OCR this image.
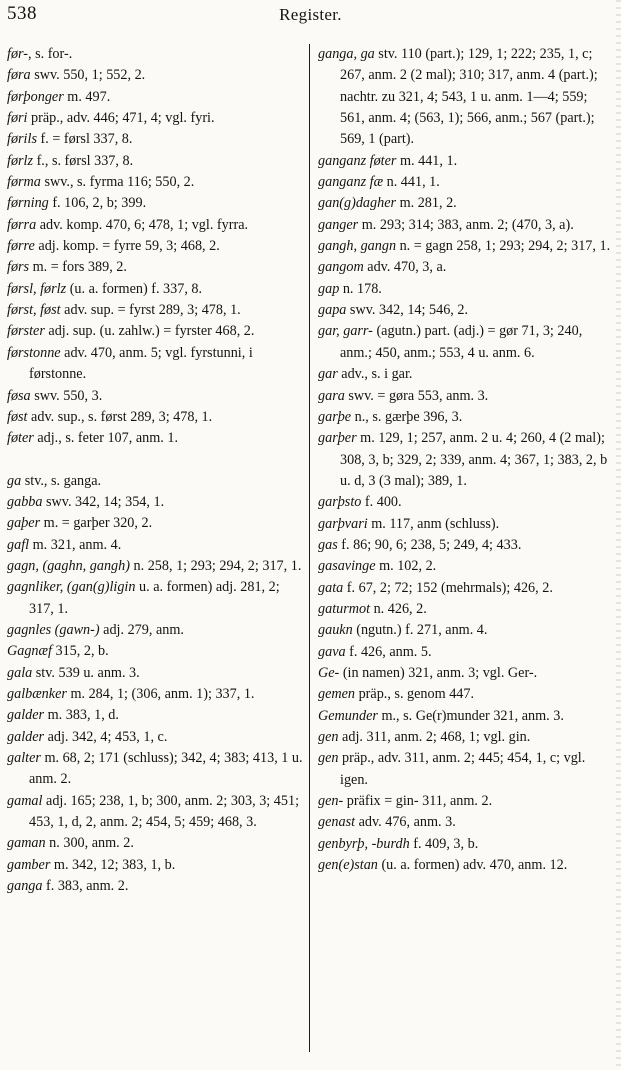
538	Register.
før-, s. for-.
føra swv. 550, 1; 552, 2.
førþonger m. 497.
føri präp., adv. 446; 471, 4; vgl. fyri.
førils f. = førsl 337, 8.
førlz f., s. førsl 337, 8.
førma swv., s. fyrma 116; 550, 2.
førning f. 106, 2, b; 399.
førra adv. komp. 470, 6; 478, 1; vgl. fyrra.
førre adj. komp. = fyrre 59, 3; 468, 2.
førs m. = fors 389, 2.
førsl, førlz (u. a. formen) f. 337, 8.
først, føst adv. sup. = fyrst 289, 3; 478, 1.
førster adj. sup. (u. zahlw.) = fyrster 468, 2.
førstonne adv. 470, anm. 5; vgl. fyrstunni, i førstonne.
føsa swv. 550, 3.
føst adv. sup., s. først 289, 3; 478, 1.
føter adj., s. feter 107, anm. 1.
ga stv., s. ganga.
gabba swv. 342, 14; 354, 1.
gaþer m. = garþer 320, 2.
gafl m. 321, anm. 4.
gagn, (gaghn, gangh) n. 258, 1; 293; 294, 2; 317, 1.
gagnliker, (gan(g)ligin u. a. formen) adj. 281, 2; 317, 1.
gagnles (gawn-) adj. 279, anm.
Gagnæf 315, 2, b.
gala stv. 539 u. anm. 3.
galbænker m. 284, 1; (306, anm. 1); 337, 1.
galder m. 383, 1, d.
galder adj. 342, 4; 453, 1, c.
galter m. 68, 2; 171 (schluss); 342, 4; 383; 413, 1 u. anm. 2.
gamal adj. 165; 238, 1, b; 300, anm. 2; 303, 3; 451; 453, 1, d, 2, anm. 2; 454, 5; 459; 468, 3.
gaman n. 300, anm. 2.
gamber m. 342, 12; 383, 1, b.
ganga f. 383, anm. 2.
ganga, ga stv. 110 (part.); 129, 1; 222; 235, 1, c; 267, anm. 2 (2 mal); 310; 317, anm. 4 (part.); nachtr. zu 321, 4; 543, 1 u. anm. 1—4; 559; 561, anm. 4; (563, 1); 566, anm.; 567 (part.); 569, 1 (part).
ganganz føter m. 441, 1.
ganganz fæ n. 441, 1.
gan(g)dagher m. 281, 2.
ganger m. 293; 314; 383, anm. 2; (470, 3, a).
gangh, gangn n. = gagn 258, 1; 293; 294, 2; 317, 1.
gangom adv. 470, 3, a.
gap n. 178.
gapa swv. 342, 14; 546, 2.
gar, garr- (agutn.) part. (adj.) = gør 71, 3; 240, anm.; 450, anm.; 553, 4 u. anm. 6.
gar adv., s. i gar.
gara swv. = gøra 553, anm. 3.
garþe n., s. gærþe 396, 3.
garþer m. 129, 1; 257, anm. 2 u. 4; 260, 4 (2 mal); 308, 3, b; 329, 2; 339, anm. 4; 367, 1; 383, 2, b u. d, 3 (3 mal); 389, 1.
garþsto f. 400.
garþvari m. 117, anm (schluss).
gas f. 86; 90, 6; 238, 5; 249, 4; 433.
gasavinge m. 102, 2.
gata f. 67, 2; 72; 152 (mehrmals); 426, 2.
gaturmot n. 426, 2.
gaukn (ngutn.) f. 271, anm. 4.
gava f. 426, anm. 5.
Ge- (in namen) 321, anm. 3; vgl. Ger-.
gemen präp., s. genom 447.
Gemunder m., s. Ge(r)munder 321, anm. 3.
gen adj. 311, anm. 2; 468, 1; vgl. gin.
gen präp., adv. 311, anm. 2; 445; 454, 1, c; vgl. igen.
gen- präfix = gin- 311, anm. 2.
genast adv. 476, anm. 3.
genbyrþ, -burdh f. 409, 3, b.
gen(e)stan (u. a. formen) adv. 470, anm. 12.
